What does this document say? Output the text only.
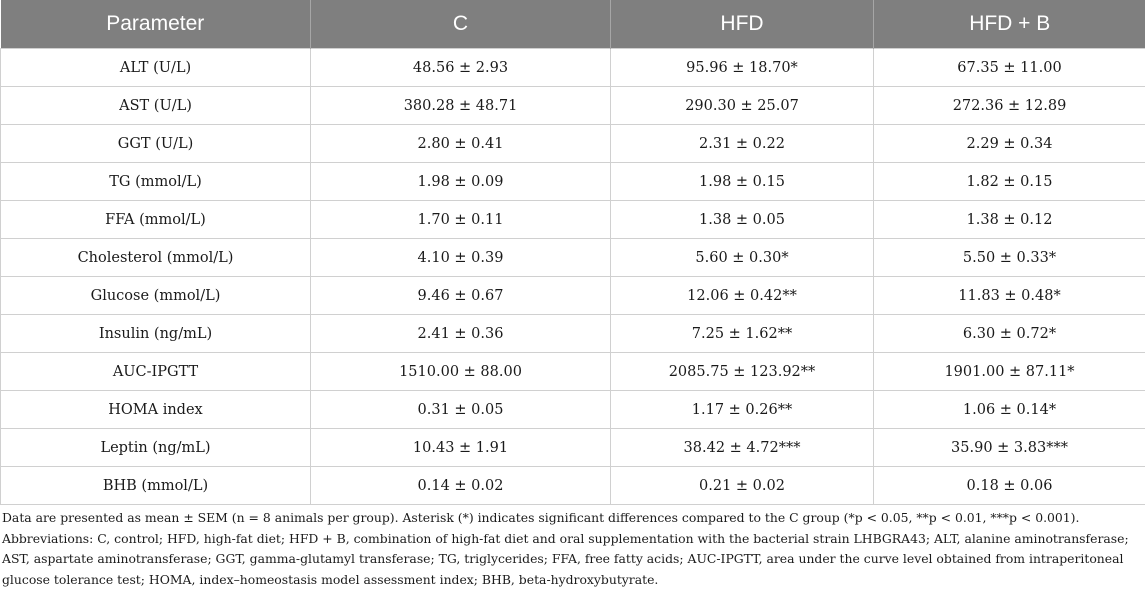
Parameter	C	HFD	HFD + B
ALT (U/L)	48.56 ± 2.93	95.96 ± 18.70*	67.35 ± 11.00
AST (U/L)	380.28 ± 48.71	290.30 ± 25.07	272.36 ± 12.89
GGT (U/L)	2.80 ± 0.41	2.31 ± 0.22	2.29 ± 0.34
TG (mmol/L)	1.98 ± 0.09	1.98 ± 0.15	1.82 ± 0.15
FFA (mmol/L)	1.70 ± 0.11	1.38 ± 0.05	1.38 ± 0.12
Cholesterol (mmol/L)	4.10 ± 0.39	5.60 ± 0.30*	5.50 ± 0.33*
Glucose (mmol/L)	9.46 ± 0.67	12.06 ± 0.42**	11.83 ± 0.48*
Insulin (ng/mL)	2.41 ± 0.36	7.25 ± 1.62**	6.30 ± 0.72*
AUC-IPGTT	1510.00 ± 88.00	2085.75 ± 123.92**	1901.00 ± 87.11*
HOMA index	0.31 ± 0.05	1.17 ± 0.26**	1.06 ± 0.14*
Leptin (ng/mL)	10.43 ± 1.91	38.42 ± 4.72***	35.90 ± 3.83***
BHB (mmol/L)	0.14 ± 0.02	0.21 ± 0.02	0.18 ± 0.06
Data are presented as mean ± SEM (n = 8 animals per group). Asterisk (*) indicates significant differences compared to the C group (*p < 0.05, **p < 0.01, ***p < 0.001). Abbreviations: C, control; HFD, high-fat diet; HFD + B, combination of high-fat diet and oral supplementation with the bacterial strain LHBGRA43; ALT, alanine aminotransferase; AST, aspartate aminotransferase; GGT, gamma-glutamyl transferase; TG, triglycerides; FFA, free fatty acids; AUC-IPGTT, area under the curve level obtained from intraperitoneal glucose tolerance test; HOMA, index–homeostasis model assessment index; BHB, beta-hydroxybutyrate.
